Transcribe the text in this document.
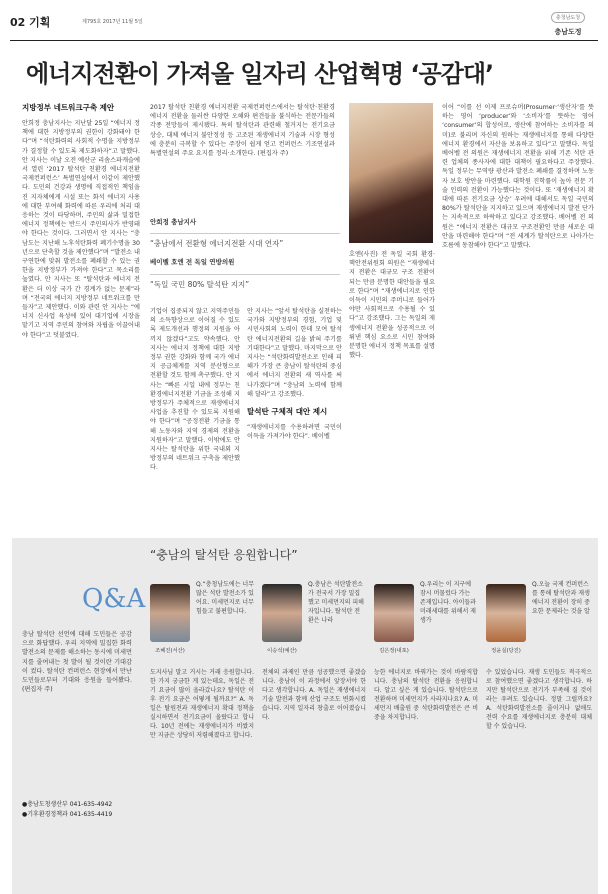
02 기획	제795호 2017년 11월 5일
충청남도청
충남도정
에너지전환이 가져올 일자리 산업혁명 ‘공감대’
지방정부 네트워크구축 제안

안희정 충남지사는 지난달 25일 “에너지 정책에 대한 지방정부의 권한이 강화돼야 한다”며 “석탄화력의 사회적 수명을 지방정부가 결정할 수 있도록 제도화하자”고 말했다. 안 지사는 이날 오전 예산군 리솜스파캐슬에서 열린 ‘2017 탈석탄 친환경 에너지전환 국제컨퍼런스’ 특별연설에서 이같이 제안했다. 도민의 건강과 생명에 직접적인 책임을 진 지자체에게 시설 또는 화석 에너지 사용에 대한 부여해 화력에 따른 우리에 처리 대응하는 것이 타당하며, 주민의 삶과 밀접한 에너지 정책에는 반드시 주민의사가 반영돼야 한다는 것이다. 그러면서 안 지사는 “충남도는 지난해 노후석탄화력 폐기수명을 30년으로 단축할 것을 제안했다”며 “발전소 내구연한에 맞춰 발전소를 폐쇄할 수 있는 권한을 지방정부가 가져야 한다”고 목소리를 높였다. 안 지사는 또 “탈석탄과 에너지 전환은 더 이상 국가 간 경계가 없는 문제”라며 “전국의 에너지 지방정부 네트워크를 만들자”고 제안했다. 이와 관련 안 지사는 “에너지 신사업 육성에 있어 대기업에 시장을 맡기고 지역 주민의 참여와 자립을 이끌어내야 한다”고 덧붙였다.

2017 탈석탄 친환경 에너지전환 국제컨퍼런스에서는 탈석탄·친환경에너지 전환을 둘러싼 다양한 오해와 편견들을 불식하는 전문가들의 각종 전망들이 제시됐다. 특히 탈석탄과 관련해 철거지는 전기요금 상승, 대체 에너지 불안정성 등 고조된 재생에너지 기술과 시장 형성에 충분히 극복할 수 있다는 주장이 쉽게 얻고 컨퍼런스 기조연설과 특별연설의 주요 요지를 정리·소개한다. (편집자 주)

안희정 충남지사
“충남에서 전환형 에너지전환 시대 연자”
베이벨 호엔 전 독일 연방의원
“독일 국민 80% 탈석탄 지지”

기업이 집중되지 않고 지역주민들의 소득향상으로 이어질 수 있도록 제도개선과 행정의 지원을 아끼지 않겠다”고도 약속했다. 안 지사는 에너지 정책에 대한 지방정부 권한 강화와 함께 국가 에너지 공급체계를 지역 분산형으로 전환할 것도 함께 촉구했다. 안 지사는 “빠른 시일 내에 정부는 친환경에너지전환 기금을 조성해 지방정부가 주체적으로 재생에너지 사업을 추진할 수 있도록 지원해야 한다”며 “공정전환 기금을 통해 노동자와 지역 경제의 전환을 지원하자”고 말했다. 이밖에도 안 지사는 탈석탄을 위한 국내외 지방정부의 네트워크 구축을 제안했다.

안 지사는 “앞서 탈석탄을 실천하는 국가와 지방정부의 경험, 기업 및 시민사회의 노력이 한데 모여 탈석탄 에너지전환의 길을 밝혀 주기를 기대한다”고 말했다. 마지막으로 안 지사는 “석탄화력발전소로 인해 피해가 가장 큰 충남이 탈석탄의 중심에서 에너지 전환의 새 역사를 써 나가겠다”며 “충남의 노력에 함께해 달라”고 강조했다.

탈석탄 구체적 대안 제시

“재생에너지를 수용하려면 국민이 이득을 가져가야 한다”. 베이벨

호엔(사진) 전 독일 국회 환경·핵안전위원회 의원은 “재생에너지 전환은 대규모 구조 전환이 되는 만큼 분명한 대안들을 필요로 한다”며 “재생에너지로 인한 이득이 시민의 주머니로 들어가야만 사회적으로 수용될 수 있다”고 강조했다. 그는 독일의 재생에너지 전환을 성공적으로 이뤄낸 핵심 요소로 시민 참여와 분명한 에너지 정책 목표를 설명했다.

이어 “이를 선 이제 프로슈머(Prosumer·‘생산자’를 뜻하는 영어 ‘producer’와 ‘소비자’를 뜻하는 영어 ‘consumer’의 합성어로, 생산에 참여하는 소비자를 의미)로 불리며 자신의 원하는 재생에너지를 통해 다양한 에너지 환경에서 자산을 보유하고 있다”고 말했다. 독일 베어벨 전 의원은 재생에너지 전환을 위해 기존 석탄 관련 업체의 종사자에 대한 대책이 필요하다고 주장했다. 독일 정부는 무역량 광산과 발전소 폐쇄를 결정하며 노동자 보호 방안을 마련했다. 대학원 진학률이 높아 전문 기술 인력의 전환이 가능했다는 것이다. 또 ‘재생에너지 확대에 따른 전기요금 상승’ 우려에 대해서도 독일 국민의 80%가 탈석탄을 지지하고 있으며 재생에너지 발전 단가는 지속적으로 하락하고 있다고 강조했다. 베어벨 전 의원은 “에너지 전환은 대규모 구조전환인 만큼 새로운 대안을 마련해야 한다”며 “전 세계가 탈석탄으로 나아가는 흐름에 동참해야 한다”고 말했다.

“충남의 탈석탄 응원합니다”
Q&A

충남 탈석탄 선언에 대해 도민들은 공감으로 화답했다. 우리 지역에 밀집한 화력발전소의 문제를 해소하는 동시에 미세먼지를 줄여내는 첫 발이 될 것이란 기대감이 컸다. 탈석탄 컨퍼런스 현장에서 만난 도민들로부터 기대와 응원을 들어봤다. (편집자 주)

●충남도청생산부 041-635-4942
●기후환경정책과 041-635-4419
조혜진(서산)
Q.“충청남도에는 너무 많은 석탄 발전소가 있어요. 미세먼지로 너무 힘들고 불편합니다.
도지사님 말고 거시는 거래 응원합니다. 한 가지 궁금한 게 있는데요, 독일은 전기 요금이 많이 올라갔나요? 탈석탄 이후 전기 요금은 어떻게 될까요?” A. 독일은 탈원전과 재생에너지 확대 정책을 실시하면서 전기요금이 올랐다고 합니다. 10년 전에는 재생에너지가 비쌌지만 지금은 상당히 저렴해졌다고 합니다.
이승석(예산)
Q.충남은 석탄발전소가 전국서 가장 밀집했고 미세먼지의 피해자입니다. 탈석탄 전환은 나라
전체의 과제인 만큼 성공했으면 좋겠습니다. 충남이 이 과정에서 앞장서야 한다고 생각합니다. A. 독일은 재생에너지 기술 발전과 함께 산업 구조도 변화시켰습니다. 지역 일자리 창출로 이어졌습니다.
김은정(내포)
Q.우리는 이 지구에 잠시 머물렀다 가는 존재입니다. 아이들과 미래세대를 위해서 재생가
능한 에너지로 바꿔가는 것이 바람직합니다. 충남의 탈석탄 전환을 응원합니다. 알고 싶은 게 있습니다. 탈석탄으로 전환하며 미세먼지가 사라지나요? A. 미세먼지 배출원 중 석탄화력발전은 큰 비중을 차지합니다.
정윤실(당진)
Q.오늘 국제 컨퍼런스를 통해 탈석탄과 재생에너지 전환이 장히 중요한 문제라는 것을 알
수 있었습니다. 재생 도민들도 적극적으로 참여했으면 좋겠다고 생각합니다. 하지만 탈석탄으로 전기가 부족해 질 것이라는 우려도 있습니다. 정말 그럴까요? A. 석탄화력발전소를 줄이거나 없애도 전력 수요를 재생에너지로 충분히 대체할 수 있습니다.
